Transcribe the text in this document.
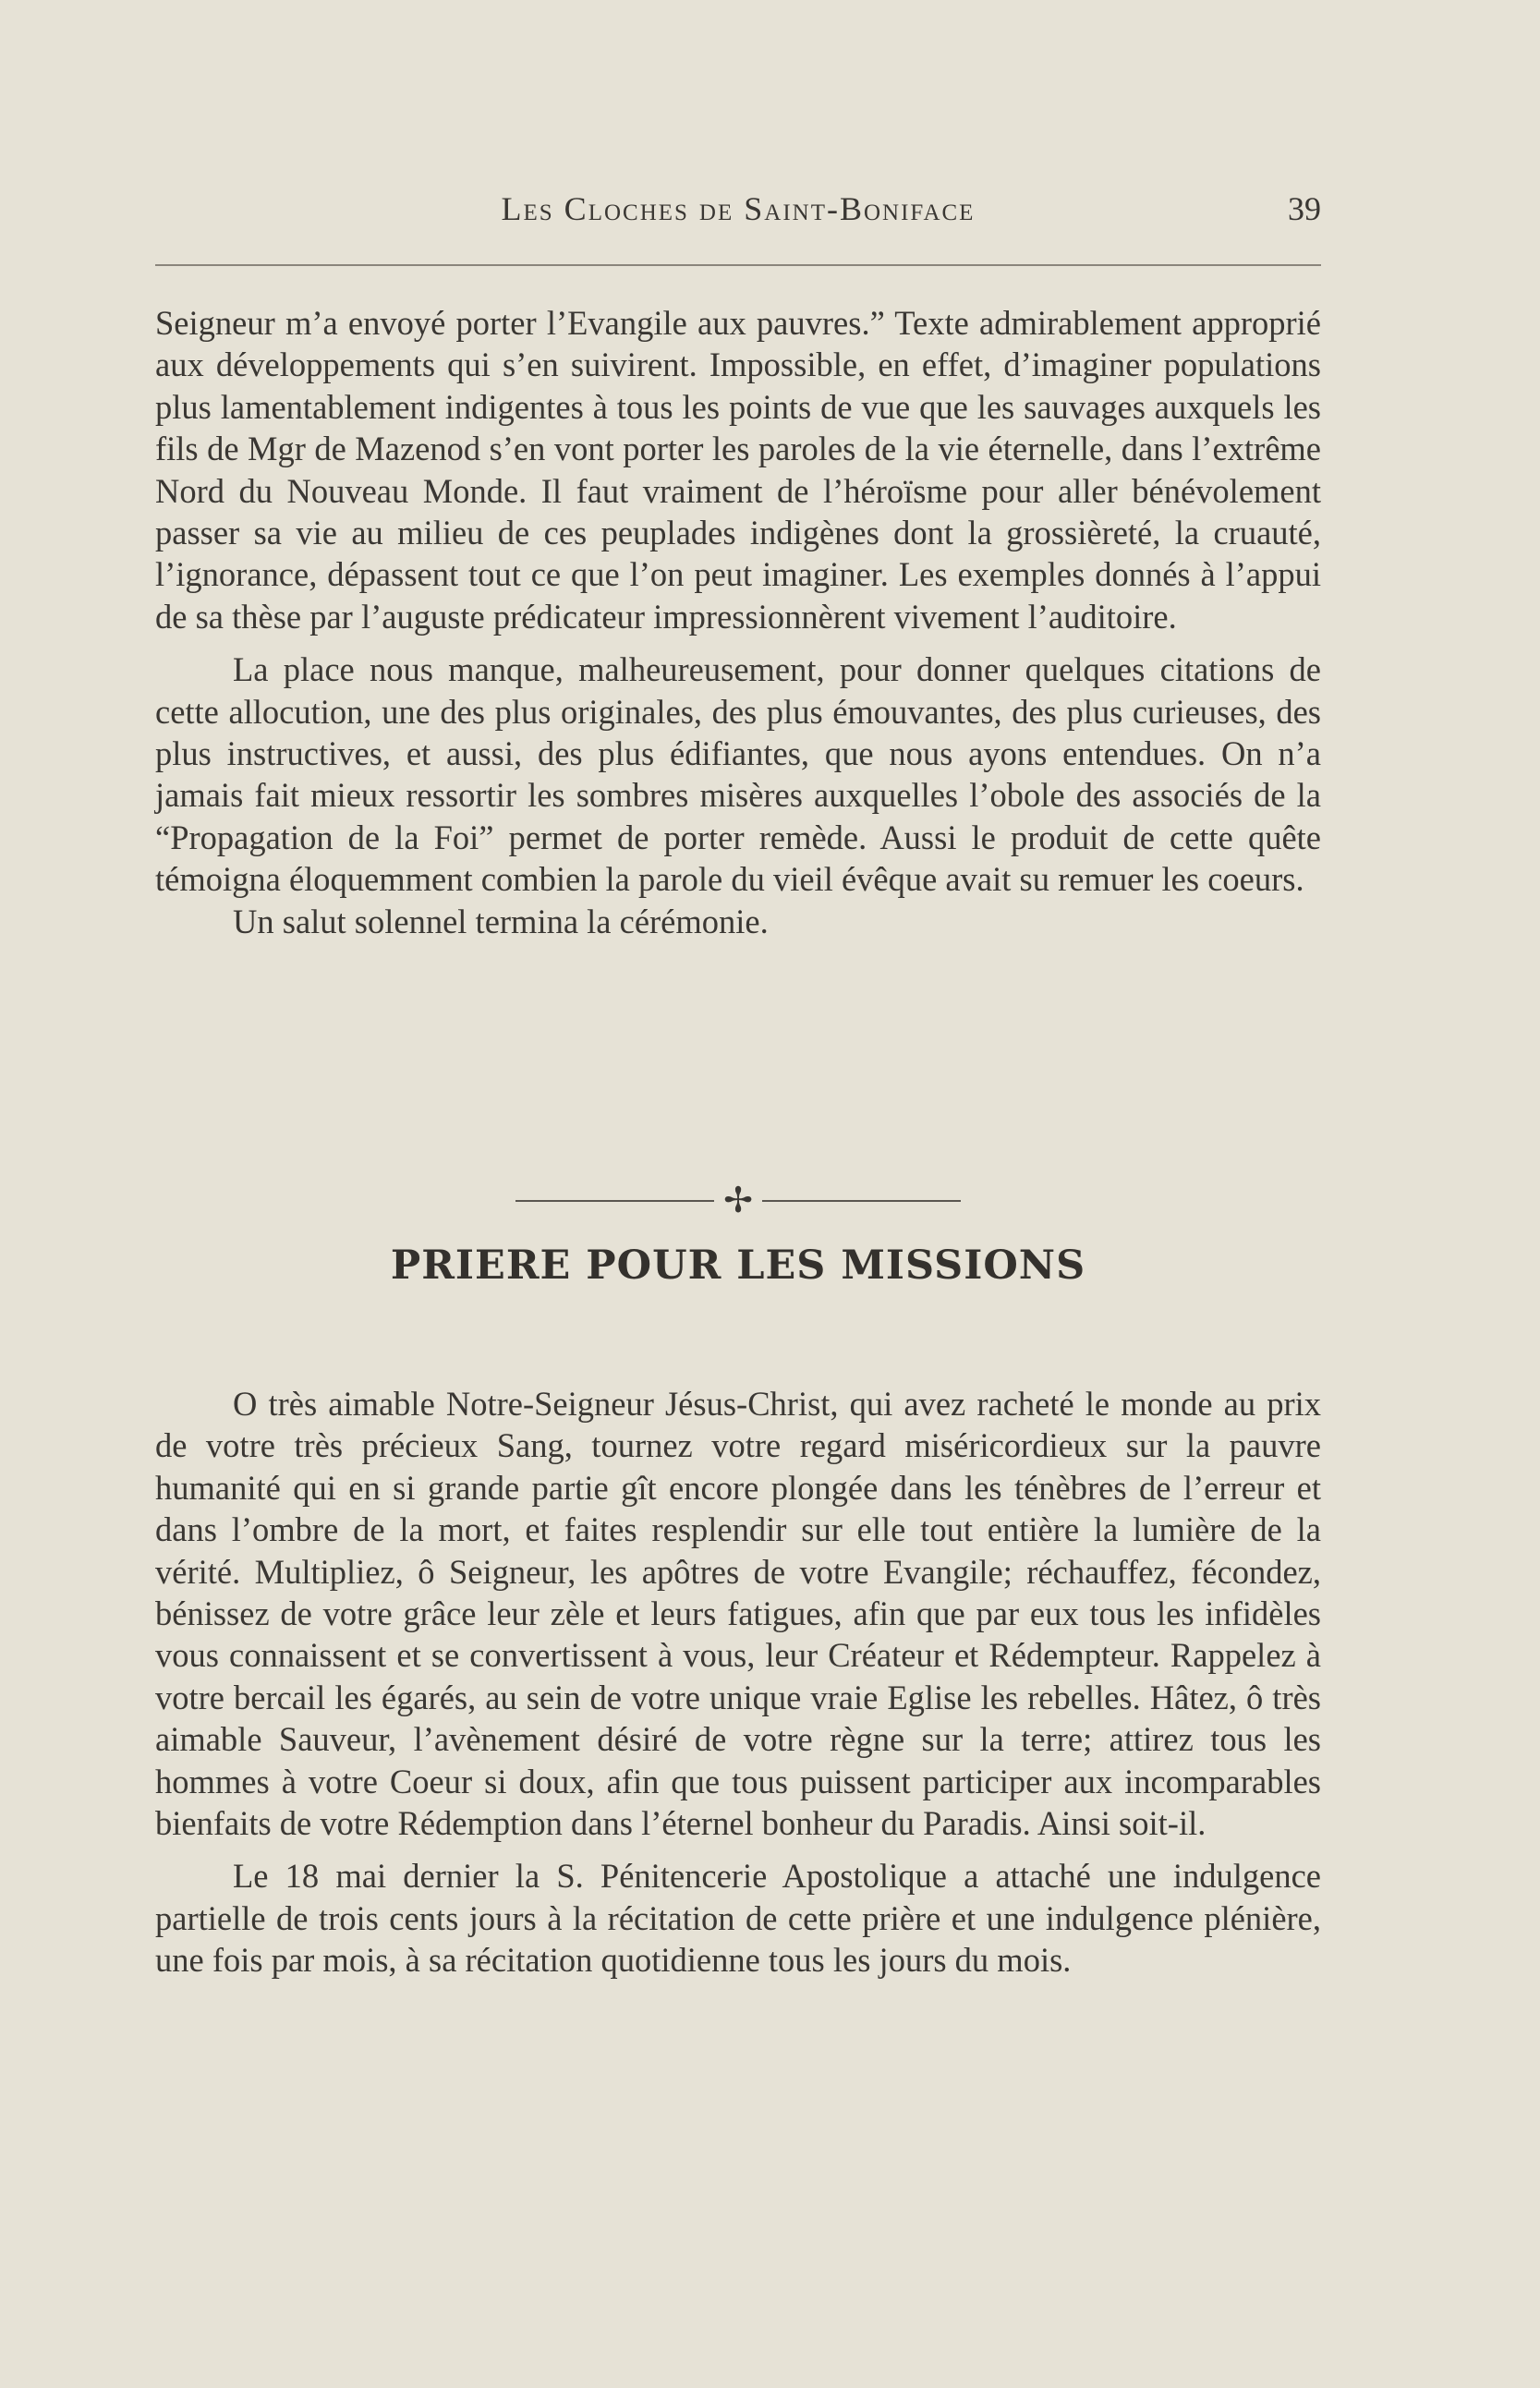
Les Cloches de Saint-Boniface	39

Seigneur m’a envoyé porter l’Evangile aux pauvres.” Texte admirablement approprié aux développements qui s’en suivirent. Impossible, en effet, d’imaginer populations plus lamentablement indigentes à tous les points de vue que les sauvages auxquels les fils de Mgr de Mazenod s’en vont porter les paroles de la vie éternelle, dans l’extrême Nord du Nouveau Monde. Il faut vraiment de l’héroïsme pour aller bénévolement passer sa vie au milieu de ces peuplades indigènes dont la grossièreté, la cruauté, l’ignorance, dépassent tout ce que l’on peut imaginer. Les exemples donnés à l’appui de sa thèse par l’auguste prédicateur impressionnèrent vivement l’auditoire.

La place nous manque, malheureusement, pour donner quelques citations de cette allocution, une des plus originales, des plus émouvantes, des plus curieuses, des plus instructives, et aussi, des plus édifiantes, que nous ayons entendues. On n’a jamais fait mieux ressortir les sombres misères auxquelles l’obole des associés de la “Propagation de la Foi” permet de porter remède. Aussi le produit de cette quête témoigna éloquemment combien la parole du vieil évêque avait su remuer les coeurs.

Un salut solennel termina la cérémonie.

✢
PRIERE POUR LES MISSIONS

O très aimable Notre-Seigneur Jésus-Christ, qui avez racheté le monde au prix de votre très précieux Sang, tournez votre regard miséricordieux sur la pauvre humanité qui en si grande partie gît encore plongée dans les ténèbres de l’erreur et dans l’ombre de la mort, et faites resplendir sur elle tout entière la lumière de la vérité. Multipliez, ô Seigneur, les apôtres de votre Evangile; réchauffez, fécondez, bénissez de votre grâce leur zèle et leurs fatigues, afin que par eux tous les infidèles vous connaissent et se convertissent à vous, leur Créateur et Rédempteur. Rappelez à votre bercail les égarés, au sein de votre unique vraie Eglise les rebelles. Hâtez, ô très aimable Sauveur, l’avènement désiré de votre règne sur la terre; attirez tous les hommes à votre Coeur si doux, afin que tous puissent participer aux incomparables bienfaits de votre Rédemption dans l’éternel bonheur du Paradis. Ainsi soit-il.

Le 18 mai dernier la S. Pénitencerie Apostolique a attaché une indulgence partielle de trois cents jours à la récitation de cette prière et une indulgence plénière, une fois par mois, à sa récitation quotidienne tous les jours du mois.
